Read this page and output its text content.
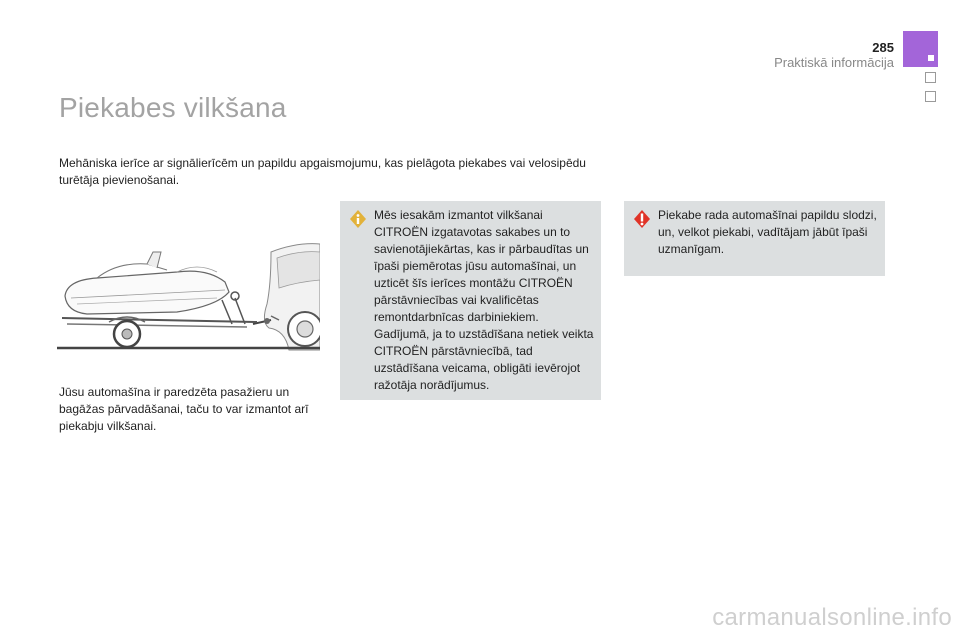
285
Praktiskā informācija
Piekabes vilkšana

Mehāniska ierīce ar signālierīcēm un papildu apgaismojumu, kas pielāgota piekabes vai velosipēdu turētāja pievienošanai.

Jūsu automašīna ir paredzēta pasažieru un bagāžas pārvadāšanai, taču to var izmantot arī piekabju vilkšanai.

Mēs iesakām izmantot vilkšanai CITROËN izgatavotas sakabes un to savienotājiekārtas, kas ir pārbaudītas un īpaši piemērotas jūsu automašīnai, un uzticēt šīs ierīces montāžu CITROËN pārstāvniecības vai kvalificētas remontdarbnīcas darbiniekiem. Gadījumā, ja to uzstādīšana netiek veikta CITROËN pārstāvniecībā, tad uzstādīšana veicama, obligāti ievērojot ražotāja norādījumus.

Piekabe rada automašīnai papildu slodzi, un, velkot piekabi, vadītājam jābūt īpaši uzmanīgam.

carmanualsonline.info
